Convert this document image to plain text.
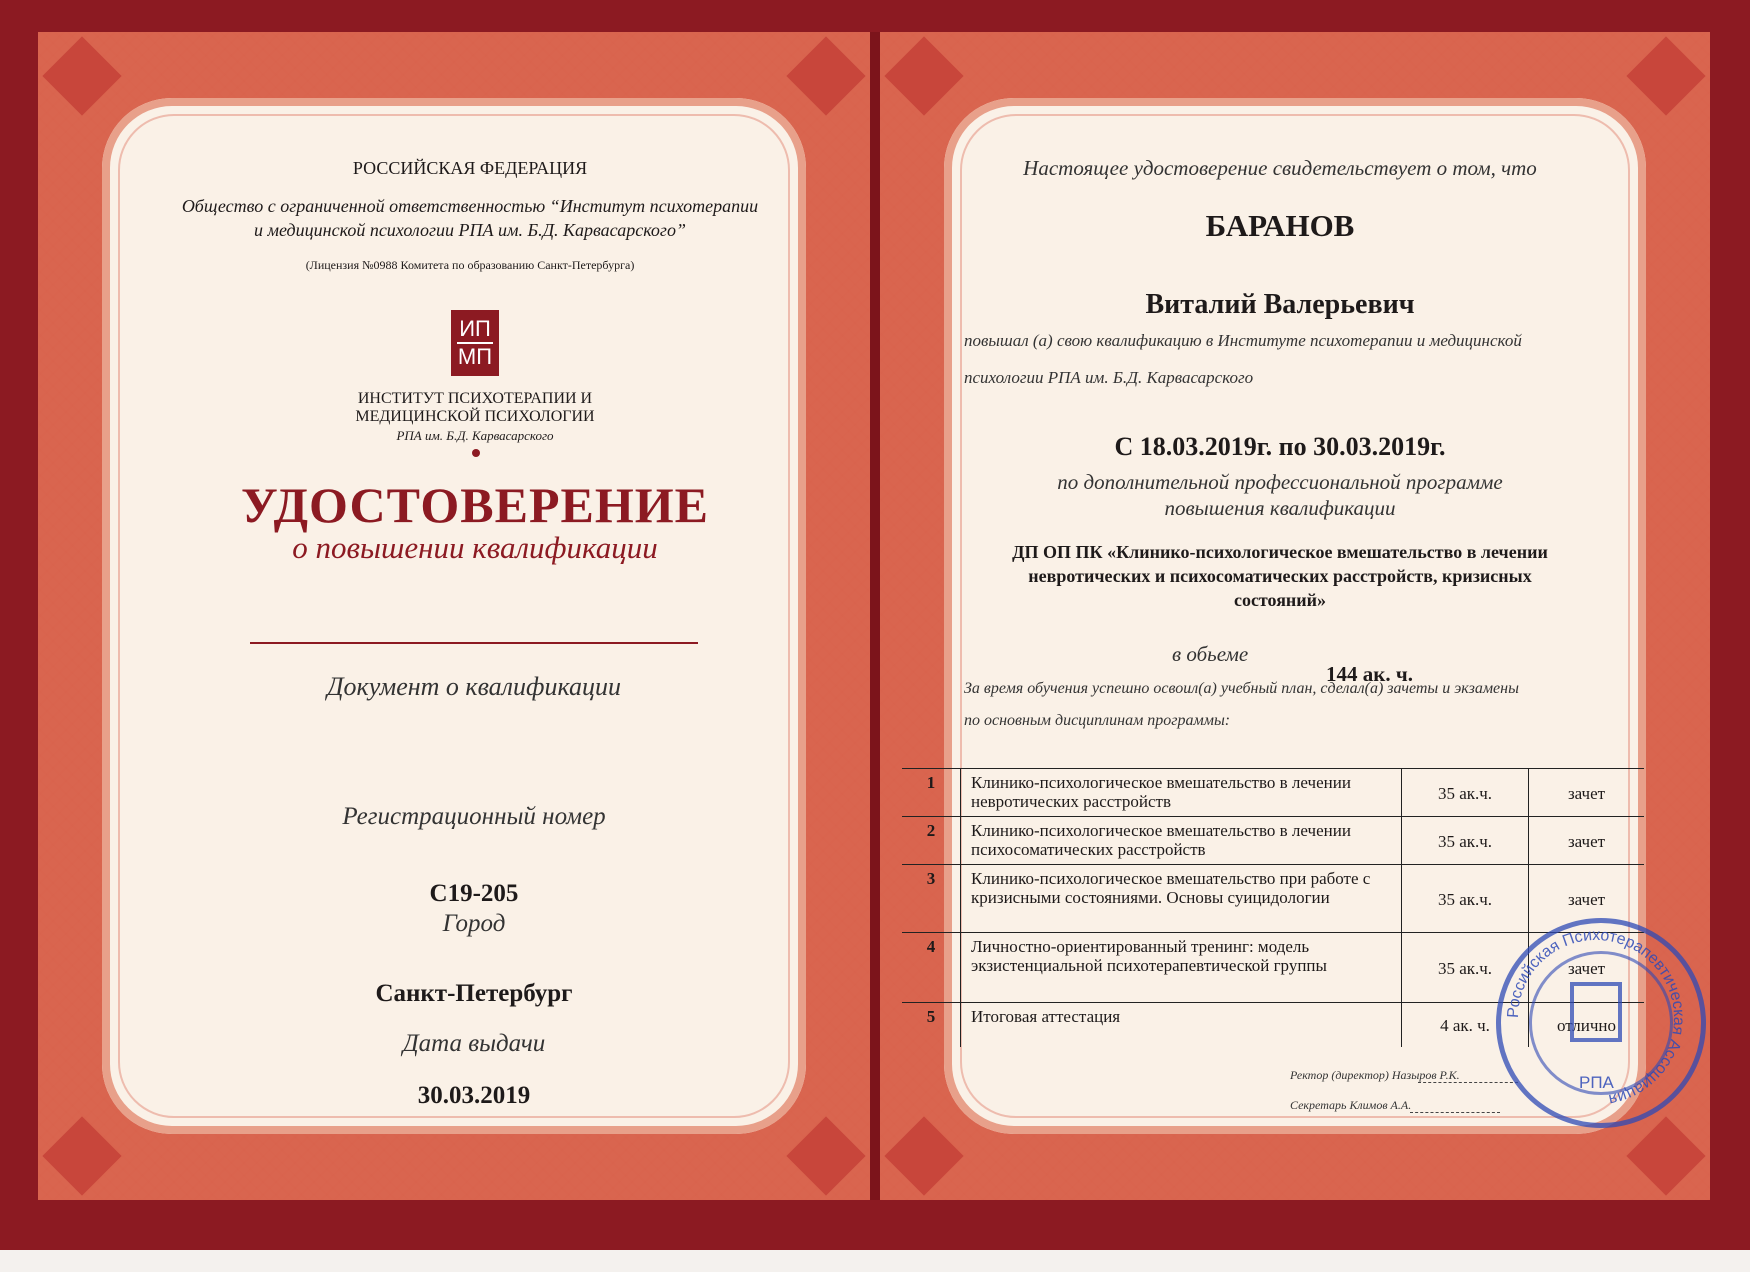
РОССИЙСКАЯ ФЕДЕРАЦИЯ
Общество с ограниченной ответственностью “Институт психотерапии
и медицинской психологии РПА им. Б.Д. Карвасарского”
(Лицензия №0988 Комитета по образованию Санкт-Петербурга)
ИП
МП
ИНСТИТУТ ПСИХОТЕРАПИИ И
МЕДИЦИНСКОЙ ПСИХОЛОГИИ
РПА им. Б.Д. Карвасарского
УДОСТОВЕРЕНИЕ
о повышении квалификации
Документ о квалификации
Регистрационный номер
С19-205
Город
Санкт-Петербург
Дата выдачи
30.03.2019
Настоящее удостоверение свидетельствует о том, что
БАРАНОВ
Виталий Валерьевич
повышал (а) свою квалификацию в Институте психотерапии и медицинской
психологии РПА им. Б.Д. Карвасарского
С 18.03.2019г. по 30.03.2019г.
по дополнительной профессиональной программе
повышения квалификации
ДП ОП ПК «Клинико-психологическое вмешательство в лечении
невротических и психосоматических расстройств, кризисных
состояний»
в обьеме
144 ак. ч.
За время обучения успешно освоил(а) учебный план, сделал(а) зачеты и экзамены
по основным дисциплинам программы:
1	Клинико-психологическое вмешательство в лечении невротических расстройств	35 ак.ч.	зачет
2	Клинико-психологическое вмешательство в лечении психосоматических расстройств	35 ак.ч.	зачет
3	Клинико-психологическое вмешательство при работе с кризисными состояниями. Основы суицидологии	35 ак.ч.	зачет
4	Личностно-ориентированный тренинг: модель экзистенциальной психотерапевтической группы	35 ак.ч.	зачет
5	Итоговая аттестация	4 ак. ч.	отлично
Ректор (директор) Назыров Р.К.
Секретарь Климов А.А.
Российская Психотерапевтическая Ассоциация
РПА
